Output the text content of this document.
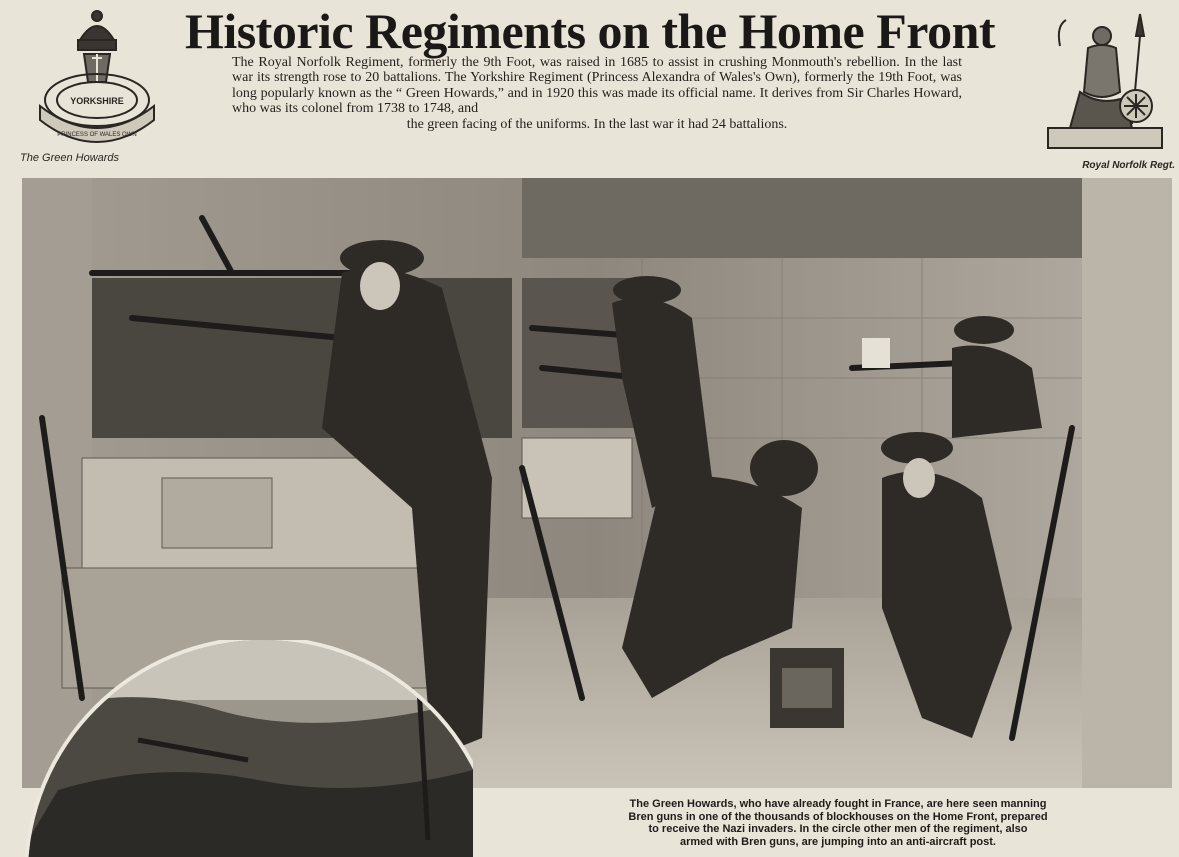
YORKSHIRE
PRINCESS OF WALES OWN
The Green Howards
Historic Regiments on the Home Front
The Royal Norfolk Regiment, formerly the 9th Foot, was raised in 1685 to assist in crushing Monmouth's rebellion. In the last war its strength rose to 20 battalions. The Yorkshire Regiment (Princess Alexandra of Wales's Own), formerly the 19th Foot, was long popularly known as the “ Green Howards,” and in 1920 this was made its official name. It derives from Sir Charles Howard, who was its colonel from 1738 to 1748, and
the green facing of the uniforms. In the last war it had 24 battalions.
Royal Norfolk Regt.
The Green Howards, who have already fought in France, are here seen manning
Bren guns in one of the thousands of blockhouses on the Home Front, prepared
to receive the Nazi invaders. In the circle other men of the regiment, also
armed with Bren guns, are jumping into an anti-aircraft post.
